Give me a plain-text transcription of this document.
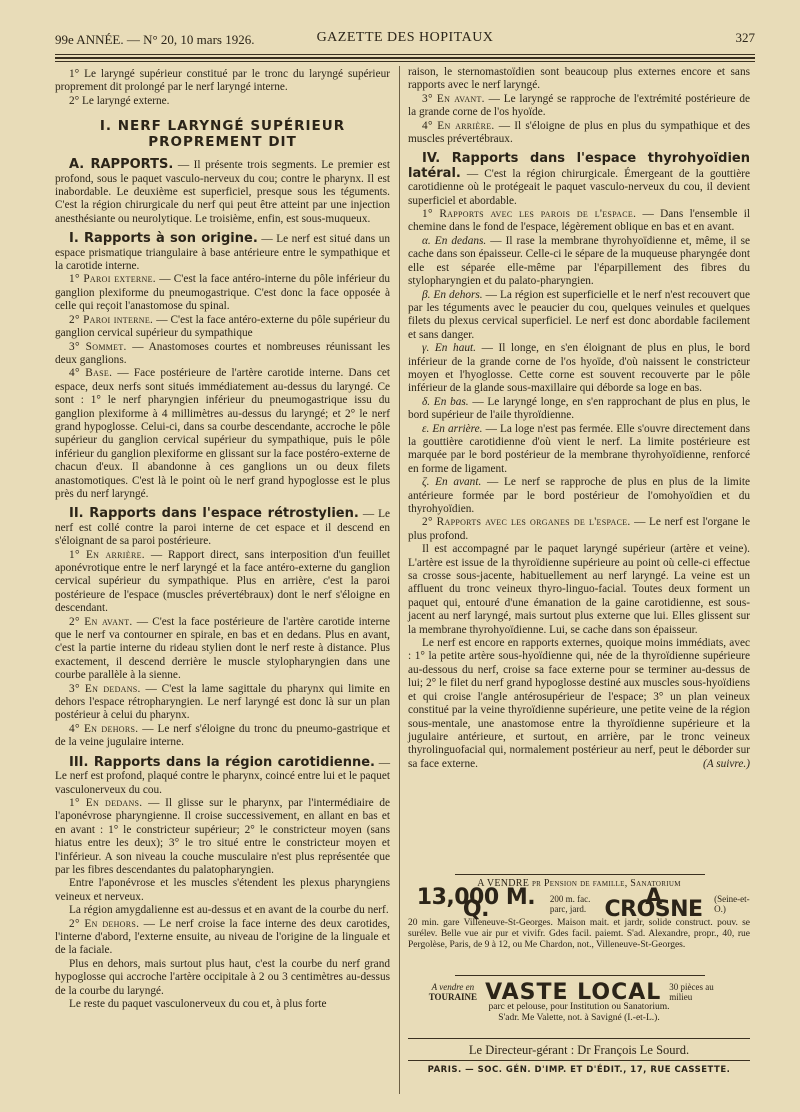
99e ANNÉE. — N° 20, 10 mars 1926.	GAZETTE DES HOPITAUX	327

1° Le laryngé supérieur constitué par le tronc du laryngé supérieur proprement dit prolongé par le nerf laryngé interne.

2° Le laryngé externe.

I. NERF LARYNGÉ SUPÉRIEUR
PROPREMENT DIT

A. RAPPORTS. — Il présente trois segments. Le premier est profond, sous le paquet vasculo-nerveux du cou; contre le pharynx. Il est inabordable. Le deuxième est superficiel, presque sous les téguments. C'est la région chirurgicale du nerf qui peut être atteint par une injection anesthésiante ou neurolytique. Le troisième, enfin, est sous-muqueux.

I. Rapports à son origine. — Le nerf est situé dans un espace prismatique triangulaire à base antérieure entre le sympathique et la carotide interne.

1° Paroi externe. — C'est la face antéro-interne du pôle inférieur du ganglion plexiforme du pneumogastrique. C'est donc la face opposée à celle qui reçoit l'anastomose du spinal.

2° Paroi interne. — C'est la face antéro-externe du pôle supérieur du ganglion cervical supérieur du sympathique

3° Sommet. — Anastomoses courtes et nombreuses réunissant les deux ganglions.

4° Base. — Face postérieure de l'artère carotide interne. Dans cet espace, deux nerfs sont situés immédiatement au-dessus du laryngé. Ce sont : 1° le nerf pharyngien inférieur du pneumogastrique issu du ganglion plexiforme à 4 millimètres au-dessus du laryngé; et 2° le nerf grand hypoglosse. Celui-ci, dans sa courbe descendante, accroche le pôle supérieur du ganglion cervical supérieur du sympathique, puis le pôle inférieur du ganglion plexiforme en glissant sur la face postéro-externe de chacun d'eux. Il abandonne à ces ganglions un ou deux filets anastomotiques. C'est là le point où le nerf grand hypoglosse est le plus près du nerf laryngé.

II. Rapports dans l'espace rétrostylien. — Le nerf est collé contre la paroi interne de cet espace et il descend en s'éloignant de sa paroi postérieure.

1° En arrière. — Rapport direct, sans interposition d'un feuillet aponévrotique entre le nerf laryngé et la face antéro-externe du ganglion cervical supérieur du sympathique. Plus en arrière, c'est la paroi postérieure de l'espace (muscles prévertébraux) dont le nerf s'éloigne en descendant.

2° En avant. — C'est la face postérieure de l'artère carotide interne que le nerf va contourner en spirale, en bas et en dedans. Plus en avant, c'est la partie interne du rideau stylien dont le nerf reste à distance. Plus exactement, il descend derrière le muscle stylopharyngien dans une courbe parallèle à la sienne.

3° En dedans. — C'est la lame sagittale du pharynx qui limite en dehors l'espace rétropharyngien. Le nerf laryngé est donc là sur un plan postérieur à celui du pharynx.

4° En dehors. — Le nerf s'éloigne du tronc du pneumo-gastrique et de la veine jugulaire interne.

III. Rapports dans la région carotidienne. — Le nerf est profond, plaqué contre le pharynx, coincé entre lui et le paquet vasculonerveux du cou.

1° En dedans. — Il glisse sur le pharynx, par l'intermédiaire de l'aponévrose pharyngienne. Il croise successivement, en allant en bas et en avant : 1° le constricteur supérieur; 2° le constricteur moyen (sans hiatus entre les deux); 3° le tro situé entre le constricteur moyen et l'inférieur. A son niveau la couche musculaire n'est plus représentée que par les fibres descendantes du palatopharyngien.

Entre l'aponévrose et les muscles s'étendent les plexus pharyngiens veineux et nerveux.

La région amygdalienne est au-dessus et en avant de la courbe du nerf.

2° En dehors. — Le nerf croise la face interne des deux carotides, l'interne d'abord, l'externe ensuite, au niveau de l'origine de la linguale et de la faciale.

Plus en dehors, mais surtout plus haut, c'est la courbe du nerf grand hypoglosse qui accroche l'artère occipitale à 2 ou 3 centimètres au-dessus de la courbe du laryngé.

Le reste du paquet vasculonerveux du cou et, à plus forte

raison, le sternomastoïdien sont beaucoup plus externes encore et sans rapports avec le nerf laryngé.

3° En avant. — Le laryngé se rapproche de l'extrémité postérieure de la grande corne de l'os hyoïde.

4° En arrière. — Il s'éloigne de plus en plus du sympathique et des muscles prévertébraux.

IV. Rapports dans l'espace thyrohyoïdien latéral. — C'est la région chirurgicale. Émergeant de la gouttière carotidienne où le protégeait le paquet vasculo-nerveux du cou, il devient superficiel et abordable.

1° Rapports avec les parois de l'espace. — Dans l'ensemble il chemine dans le fond de l'espace, légèrement oblique en bas et en avant.

α. En dedans. — Il rase la membrane thyrohyoïdienne et, même, il se cache dans son épaisseur. Celle-ci le sépare de la muqueuse pharyngée dont elle est séparée elle-même par l'éparpillement des fibres du stylopharyngien et du palato-pharyngien.

β. En dehors. — La région est superficielle et le nerf n'est recouvert que par les téguments avec le peaucier du cou, quelques veinules et quelques filets du plexus cervical superficiel. Le nerf est donc abordable facilement et sans danger.

γ. En haut. — Il longe, en s'en éloignant de plus en plus, le bord inférieur de la grande corne de l'os hyoïde, d'où naissent le constricteur moyen et l'hyoglosse. Cette corne est souvent recouverte par le pôle inférieur de la glande sous-maxillaire qui déborde sa loge en bas.

δ. En bas. — Le laryngé longe, en s'en rapprochant de plus en plus, le bord supérieur de l'aile thyroïdienne.

ε. En arrière. — La loge n'est pas fermée. Elle s'ouvre directement dans la gouttière carotidienne d'où vient le nerf. La limite postérieure est marquée par le bord postérieur de la membrane thyrohyoïdienne, renforcé en forme de ligament.

ζ. En avant. — Le nerf se rapproche de plus en plus de la limite antérieure formée par le bord postérieur de l'omohyoïdien et du thyrohyoïdien.

2° Rapports avec les organes de l'espace. — Le nerf est l'organe le plus profond.

Il est accompagné par le paquet laryngé supérieur (artère et veine). L'artère est issue de la thyroïdienne supérieure au point où celle-ci effectue sa crosse sous-jacente, habituellement au nerf laryngé. La veine est un affluent du tronc veineux thyro-linguo-facial. Toutes deux forment un paquet qui, entouré d'une émanation de la gaine carotidienne, est sous-jacent au nerf laryngé, mais surtout plus externe que lui. Elles glissent sur la membrane thyrohyoïdienne. Lui, se cache dans son épaisseur.

Le nerf est encore en rapports externes, quoique moins immédiats, avec : 1° la petite artère sous-hyoïdienne qui, née de la thyroïdienne supérieure au-dessous du nerf, croise sa face externe pour se terminer au-dessus de lui; 2° le filet du nerf grand hypoglosse destiné aux muscles sous-hyoïdiens et qui croise l'angle antérosupérieur de l'espace; 3° un plan veineux constitué par la veine thyroïdienne supérieure, une petite veine de la région sous-mentale, une anastomose entre la thyroïdienne supérieure et la jugulaire antérieure, et surtout, en arrière, par le tronc veineux thyrolinguofacial qui, normalement postérieur au nerf, peut le déborder sur sa face externe.	(A suivre.)

A VENDRE pr Pension de famille, Sanatorium
13,000 M. Q.	200 m. fac. parc, jard.	A CROSNE	(Seine-et-O.)
20 min. gare Villeneuve-St-Georges. Maison mait. et jardr, solide construct. pouv. se surélev. Belle vue air pur et vivifr. Gdes facil. paiemt. S'ad. Alexandre, propr., 40, rue Pergolèse, Paris, de 9 à 12, ou Me Chardon, not., Villeneuve-St-Georges.
A vendre en
TOURAINE VASTE LOCAL 30 pièces au milieu
parc et pelouse, pour Institution ou Sanatorium.
S'adr. Me Valette, not. à Savigné (I.-et-L.).
Le Directeur-gérant : Dr François Le Sourd.
PARIS. — SOC. GÉN. D'IMP. ET D'ÉDIT., 17, RUE CASSETTE.
